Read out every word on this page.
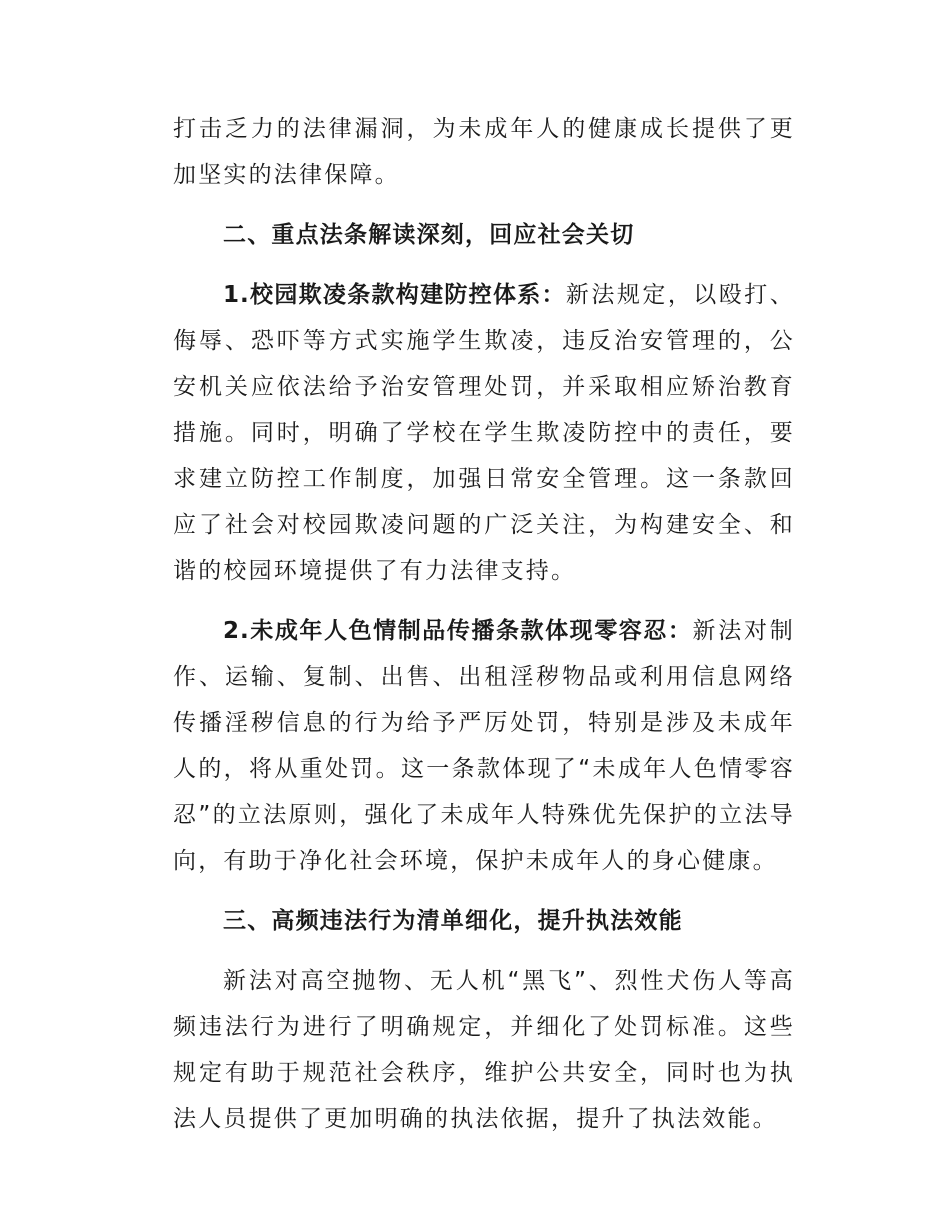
打击乏力的法律漏洞，为未成年人的健康成长提供了更加坚实的法律保障。

二、重点法条解读深刻，回应社会关切

1.校园欺凌条款构建防控体系：新法规定，以殴打、侮辱、恐吓等方式实施学生欺凌，违反治安管理的，公安机关应依法给予治安管理处罚，并采取相应矫治教育措施。同时，明确了学校在学生欺凌防控中的责任，要求建立防控工作制度，加强日常安全管理。这一条款回应了社会对校园欺凌问题的广泛关注，为构建安全、和谐的校园环境提供了有力法律支持。

2.未成年人色情制品传播条款体现零容忍：新法对制作、运输、复制、出售、出租淫秽物品或利用信息网络传播淫秽信息的行为给予严厉处罚，特别是涉及未成年人的，将从重处罚。这一条款体现了“未成年人色情零容忍”的立法原则，强化了未成年人特殊优先保护的立法导向，有助于净化社会环境，保护未成年人的身心健康。

三、高频违法行为清单细化，提升执法效能

新法对高空抛物、无人机“黑飞”、烈性犬伤人等高频违法行为进行了明确规定，并细化了处罚标准。这些规定有助于规范社会秩序，维护公共安全，同时也为执法人员提供了更加明确的执法依据，提升了执法效能。
